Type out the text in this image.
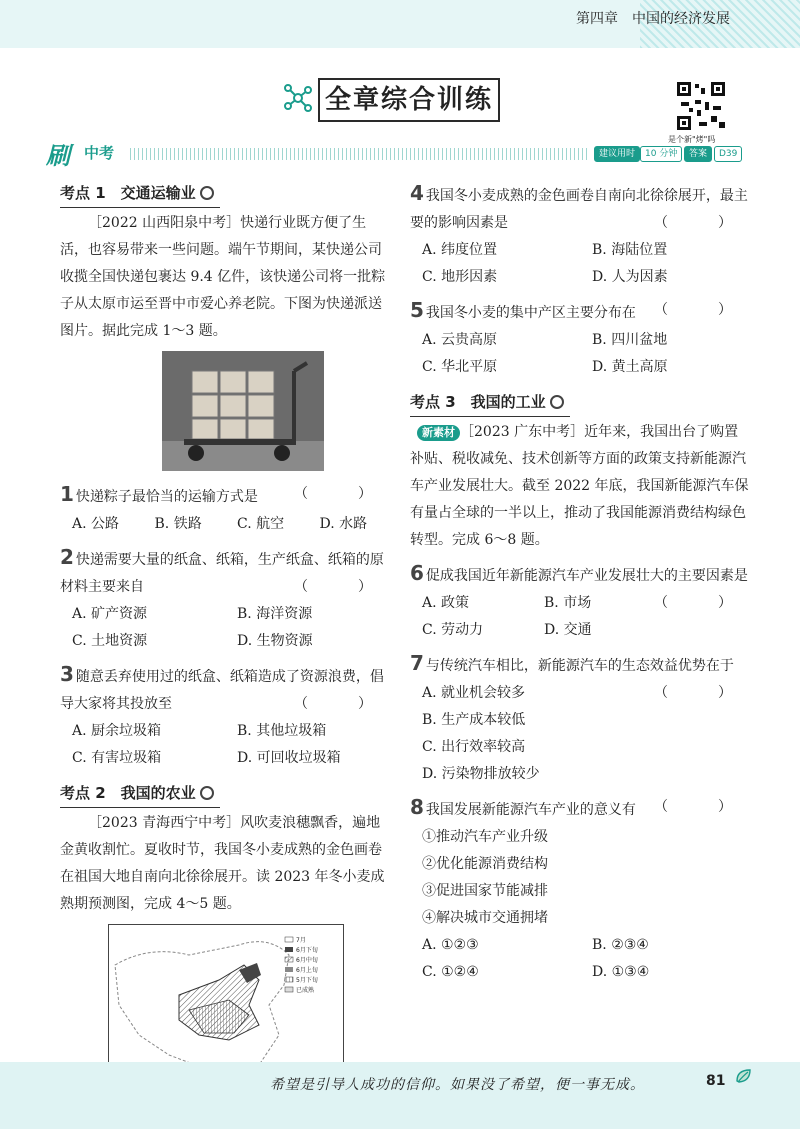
第四章　中国的经济发展
全章综合训练
是个新"烤"吗
刷 中考	建议用时	10 分钟	答案	D39
考点 1　交通运输业
［2022 山西阳泉中考］快递行业既方便了生活，也容易带来一些问题。端午节期间，某快递公司收揽全国快递包裹达 9.4 亿件，该快递公司将一批粽子从太原市运至晋中市爱心养老院。下图为快递派送图片。据此完成 1～3 题。
1 快递粽子最恰当的运输方式是	（　）
A. 公路	B. 铁路	C. 航空	D. 水路
2 快递需要大量的纸盒、纸箱，生产纸盒、纸箱的原材料主要来自	（　）
A. 矿产资源	B. 海洋资源
C. 土地资源	D. 生物资源
3 随意丢弃使用过的纸盒、纸箱造成了资源浪费，倡导大家将其投放至	（　）
A. 厨余垃圾箱	B. 其他垃圾箱
C. 有害垃圾箱	D. 可回收垃圾箱
考点 2　我国的农业
［2023 青海西宁中考］风吹麦浪穗飘香，遍地金黄收割忙。夏收时节，我国冬小麦成熟的金色画卷在祖国大地自南向北徐徐展开。读 2023 年冬小麦成熟期预测图，完成 4～5 题。
7月
6月下旬
6月中旬
6月上旬
5月下旬
已成熟
4 我国冬小麦成熟的金色画卷自南向北徐徐展开，最主要的影响因素是	（　）
A. 纬度位置	B. 海陆位置
C. 地形因素	D. 人为因素
5 我国冬小麦的集中产区主要分布在 （　）
A. 云贵高原	B. 四川盆地
C. 华北平原	D. 黄土高原
考点 3　我国的工业
新素材 ［2023 广东中考］近年来，我国出台了购置补贴、税收减免、技术创新等方面的政策支持新能源汽车产业发展壮大。截至 2022 年底，我国新能源汽车保有量占全球的一半以上，推动了我国能源消费结构绿色转型。完成 6～8 题。
6 促成我国近年新能源汽车产业发展壮大的主要因素是
（　）
A. 政策	B. 市场
C. 劳动力	D. 交通
7 与传统汽车相比，新能源汽车的生态效益优势在于
（　）
A. 就业机会较多
B. 生产成本较低
C. 出行效率较高
D. 污染物排放较少
8 我国发展新能源汽车产业的意义有 （　）
①推动汽车产业升级
②优化能源消费结构
③促进国家节能减排
④解决城市交通拥堵
A. ①②③	B. ②③④
C. ①②④	D. ①③④
希望是引导人成功的信仰。如果没了希望，便一事无成。	81
